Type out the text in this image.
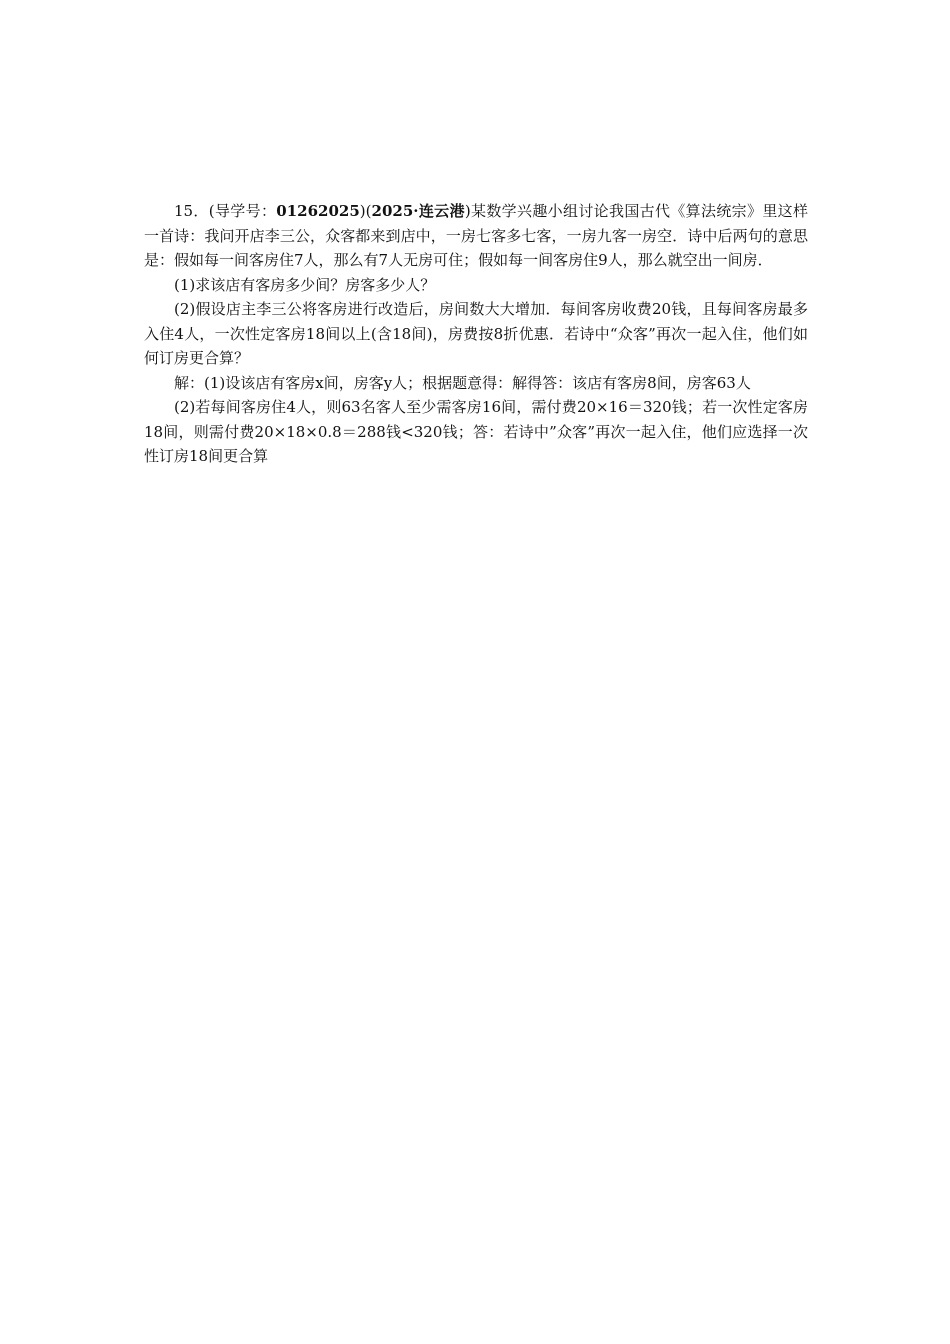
15．(导学号：01262025)(2025·连云港)某数学兴趣小组讨论我国古代《算法统宗》里这样一首诗：我问开店李三公，众客都来到店中，一房七客多七客，一房九客一房空．诗中后两句的意思是：假如每一间客房住7人，那么有7人无房可住；假如每一间客房住9人，那么就空出一间房．

(1)求该店有客房多少间？房客多少人？

(2)假设店主李三公将客房进行改造后，房间数大大增加．每间客房收费20钱，且每间客房最多入住4人，一次性定客房18间以上(含18间)，房费按8折优惠．若诗中“众客”再次一起入住，他们如何订房更合算？

解：(1)设该店有客房x间，房客y人；根据题意得：解得答：该店有客房8间，房客63人

(2)若每间客房住4人，则63名客人至少需客房16间，需付费20×16＝320钱；若一次性定客房18间，则需付费20×18×0.8＝288钱<320钱；答：若诗中”众客”再次一起入住，他们应选择一次性订房18间更合算
